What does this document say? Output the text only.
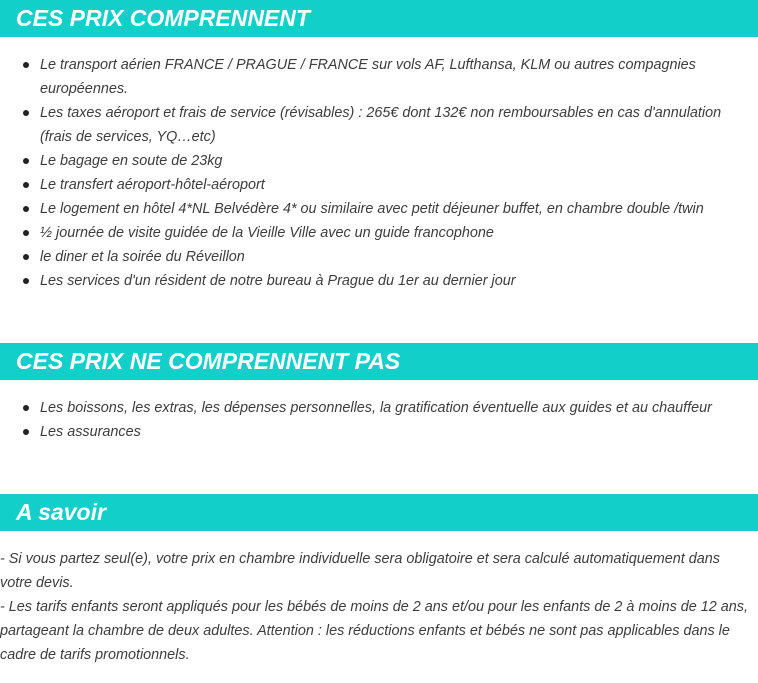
CES PRIX COMPRENNENT
Le transport aérien FRANCE / PRAGUE / FRANCE sur vols AF, Lufthansa, KLM ou autres compagnies européennes.
Les taxes aéroport et frais de service (révisables) : 265€ dont 132€ non remboursables en cas d'annulation (frais de services, YQ…etc)
Le bagage en soute de 23kg
Le transfert aéroport-hôtel-aéroport
Le logement en hôtel 4*NL Belvédère 4* ou similaire avec petit déjeuner buffet, en chambre double /twin
½ journée de visite guidée de la Vieille Ville avec un guide francophone
le diner et la soirée du Réveillon
Les services d'un résident de notre bureau à Prague du 1er au dernier jour
CES PRIX NE COMPRENNENT PAS
Les boissons, les extras, les dépenses personnelles, la gratification éventuelle aux guides et au chauffeur
Les assurances
A savoir

- Si vous partez seul(e), votre prix en chambre individuelle sera obligatoire et sera calculé automatiquement dans votre devis.

- Les tarifs enfants seront appliqués pour les bébés de moins de 2 ans et/ou pour les enfants de 2 à moins de 12 ans, partageant la chambre de deux adultes. Attention : les réductions enfants et bébés ne sont pas applicables dans le cadre de tarifs promotionnels.
